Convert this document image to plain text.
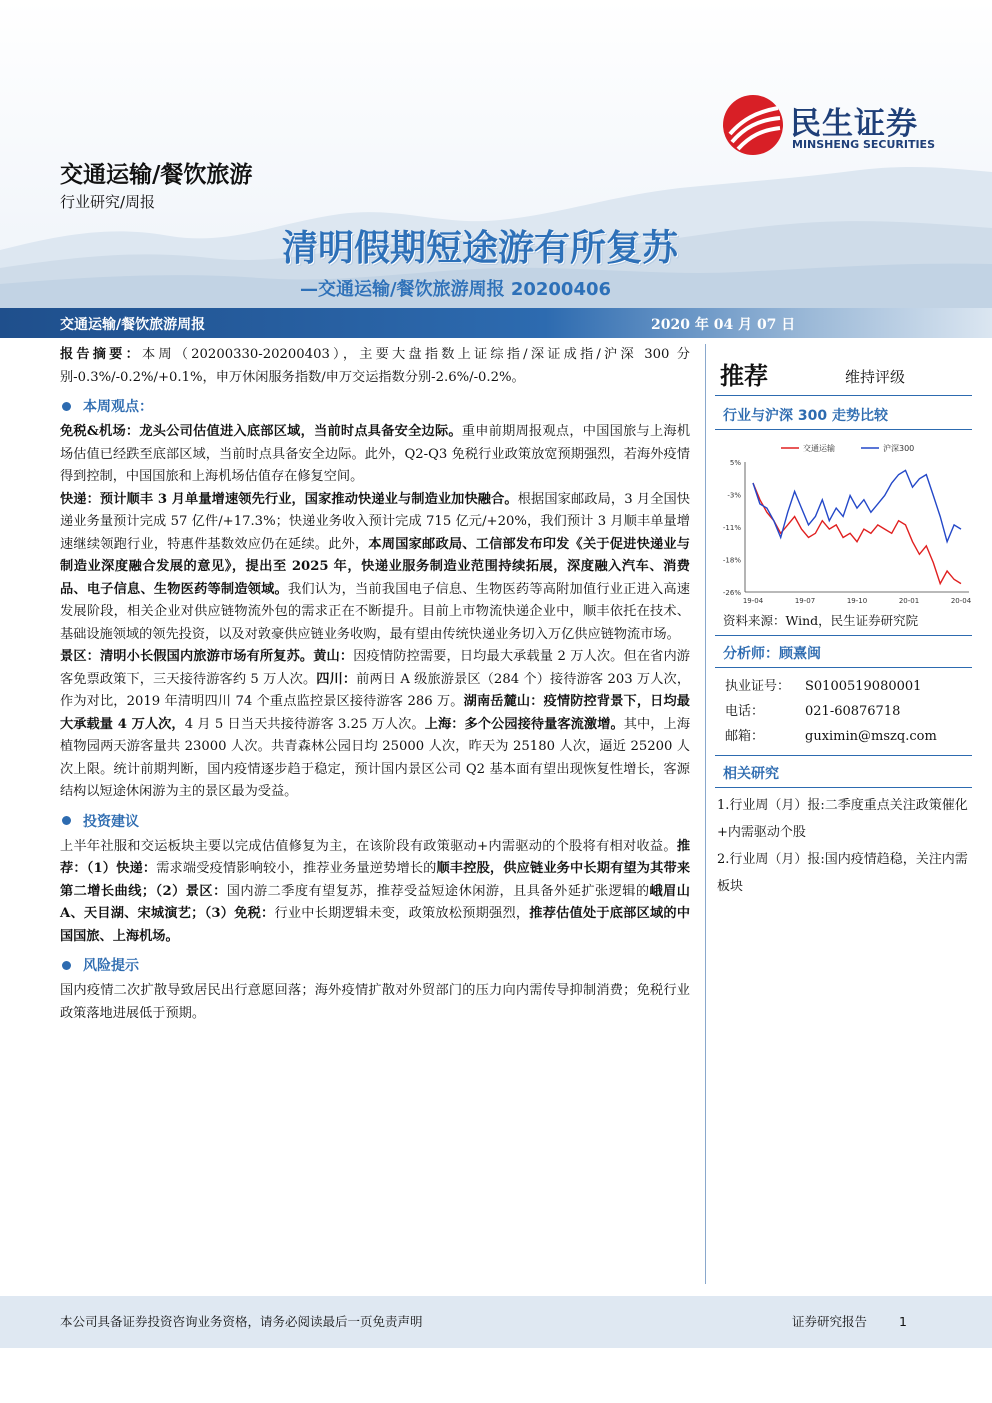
民生证券
MINSHENG SECURITIES
交通运输/餐饮旅游
行业研究/周报
清明假期短途游有所复苏
—交通运输/餐饮旅游周报 20200406
交通运输/餐饮旅游周报	2020 年 04 月 07 日

报告摘要：本周（20200330-20200403），主要大盘指数上证综指/深证成指/沪深 300 分别-0.3%/-0.2%/+0.1%，申万休闲服务指数/申万交运指数分别-2.6%/-0.2%。

本周观点：

免税&机场：龙头公司估值进入底部区域，当前时点具备安全边际。重申前期周报观点，中国国旅与上海机场估值已经跌至底部区域，当前时点具备安全边际。此外，Q2-Q3 免税行业政策放宽预期强烈，若海外疫情得到控制，中国国旅和上海机场估值存在修复空间。

快递：预计顺丰 3 月单量增速领先行业，国家推动快递业与制造业加快融合。根据国家邮政局，3 月全国快递业务量预计完成 57 亿件/+17.3%；快递业务收入预计完成 715 亿元/+20%，我们预计 3 月顺丰单量增速继续领跑行业，特惠件基数效应仍在延续。此外，本周国家邮政局、工信部发布印发《关于促进快递业与制造业深度融合发展的意见》，提出至 2025 年，快递业服务制造业范围持续拓展，深度融入汽车、消费品、电子信息、生物医药等制造领域。我们认为，当前我国电子信息、生物医药等高附加值行业正进入高速发展阶段，相关企业对供应链物流外包的需求正在不断提升。目前上市物流快递企业中，顺丰依托在技术、基础设施领域的领先投资，以及对敦豪供应链业务收购，最有望由传统快递业务切入万亿供应链物流市场。

景区：清明小长假国内旅游市场有所复苏。黄山：因疫情防控需要，日均最大承载量 2 万人次。但在省内游客免票政策下，三天接待游客约 5 万人次。四川：前两日 A 级旅游景区（284 个）接待游客 203 万人次，作为对比，2019 年清明四川 74 个重点监控景区接待游客 286 万。湖南岳麓山：疫情防控背景下，日均最大承载量 4 万人次，4 月 5 日当天共接待游客 3.25 万人次。上海：多个公园接待量客流激增。其中，上海植物园两天游客量共 23000 人次。共青森林公园日均 25000 人次，昨天为 25180 人次，逼近 25200 人次上限。统计前期判断，国内疫情逐步趋于稳定，预计国内景区公司 Q2 基本面有望出现恢复性增长，客源结构以短途休闲游为主的景区最为受益。

投资建议

上半年社服和交运板块主要以完成估值修复为主，在该阶段有政策驱动+内需驱动的个股将有相对收益。推荐：（1）快递：需求端受疫情影响较小，推荐业务量逆势增长的顺丰控股，供应链业务中长期有望为其带来第二增长曲线；（2）景区：国内游二季度有望复苏，推荐受益短途休闲游，且具备外延扩张逻辑的峨眉山 A、天目湖、宋城演艺；（3）免税：行业中长期逻辑未变，政策放松预期强烈，推荐估值处于底部区域的中国国旅、上海机场。

风险提示

国内疫情二次扩散导致居民出行意愿回落；海外疫情扩散对外贸部门的压力向内需传导抑制消费；免税行业政策落地进展低于预期。

推荐	维持评级
行业与沪深 300 走势比较
交通运输	沪深300
5%
-3%
-11%
-18%
-26%
19-04	19-07	19-10	20-01	20-04
资料来源：Wind，民生证券研究院
分析师：顾熹闽
执业证号：	S0100519080001
电话：	021-60876718
邮箱：	guximin@mszq.com
相关研究
1.行业周（月）报:二季度重点关注政策催化+内需驱动个股
2.行业周（月）报:国内疫情趋稳，关注内需板块
本公司具备证券投资咨询业务资格，请务必阅读最后一页免责声明	证券研究报告	1
